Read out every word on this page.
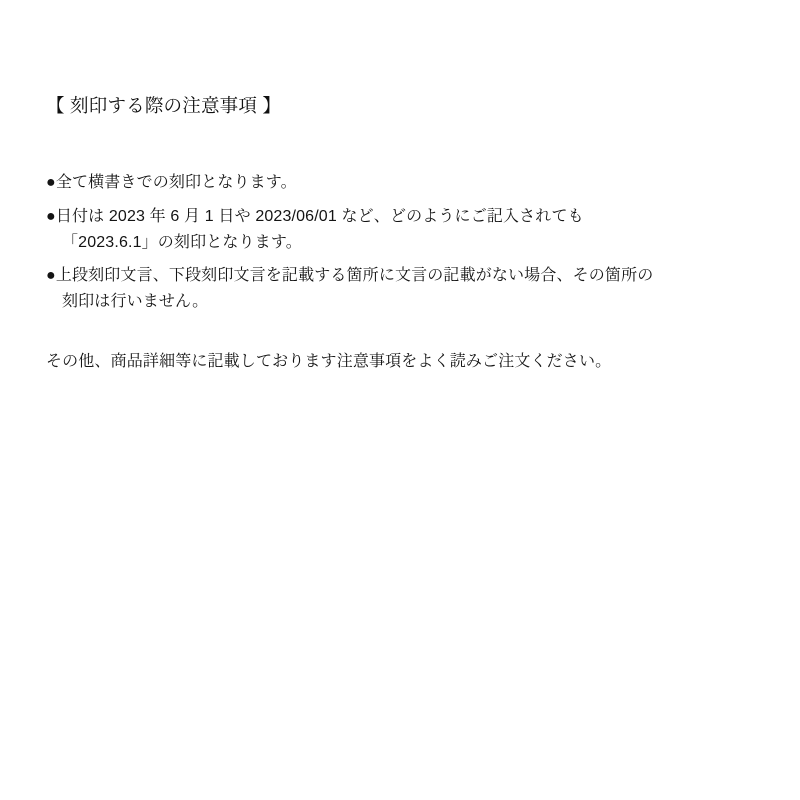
【 刻印する際の注意事項 】
●全て横書きでの刻印となります。
●日付は 2023 年 6 月 1 日や 2023/06/01 など、どのようにご記入されても
「2023.6.1」の刻印となります。
●上段刻印文言、下段刻印文言を記載する箇所に文言の記載がない場合、その箇所の
刻印は行いません。

その他、商品詳細等に記載しております注意事項をよく読みご注文ください。
